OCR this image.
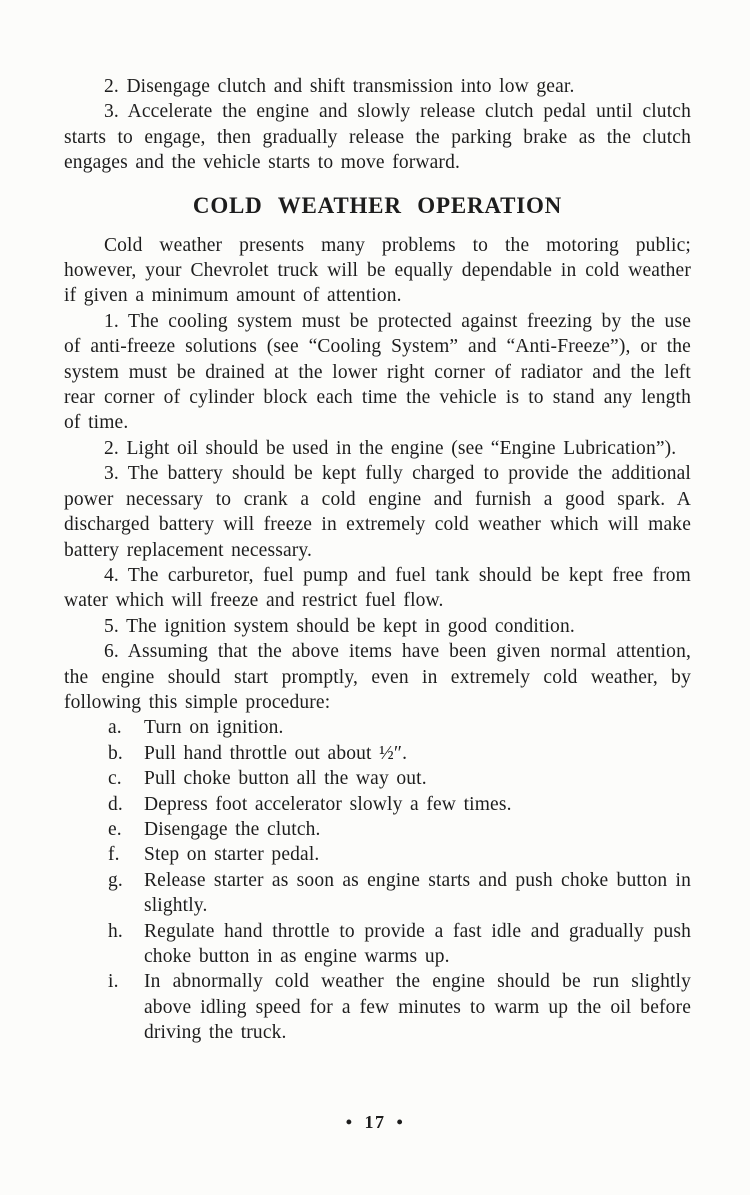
2. Disengage clutch and shift transmission into low gear.

3. Accelerate the engine and slowly release clutch pedal until clutch starts to engage, then gradually release the parking brake as the clutch engages and the vehicle starts to move forward.

COLD WEATHER OPERATION

Cold weather presents many problems to the motoring public; however, your Chevrolet truck will be equally dependable in cold weather if given a minimum amount of attention.

1. The cooling system must be protected against freezing by the use of anti-freeze solutions (see “Cooling System” and “Anti-Freeze”), or the system must be drained at the lower right corner of radiator and the left rear corner of cylinder block each time the vehicle is to stand any length of time.

2. Light oil should be used in the engine (see “Engine Lubrication”).

3. The battery should be kept fully charged to provide the additional power necessary to crank a cold engine and furnish a good spark. A discharged battery will freeze in extremely cold weather which will make battery replacement necessary.

4. The carburetor, fuel pump and fuel tank should be kept free from water which will freeze and restrict fuel flow.

5. The ignition system should be kept in good condition.

6. Assuming that the above items have been given normal attention, the engine should start promptly, even in extremely cold weather, by following this simple procedure:

a.	Turn on ignition.
b.	Pull hand throttle out about ½″.
c.	Pull choke button all the way out.
d.	Depress foot accelerator slowly a few times.
e.	Disengage the clutch.
f.	Step on starter pedal.
g.	Release starter as soon as engine starts and push choke button in slightly.
h.	Regulate hand throttle to provide a fast idle and gradually push choke button in as engine warms up.
i.	In abnormally cold weather the engine should be run slightly above idling speed for a few minutes to warm up the oil before driving the truck.
• 17 •
